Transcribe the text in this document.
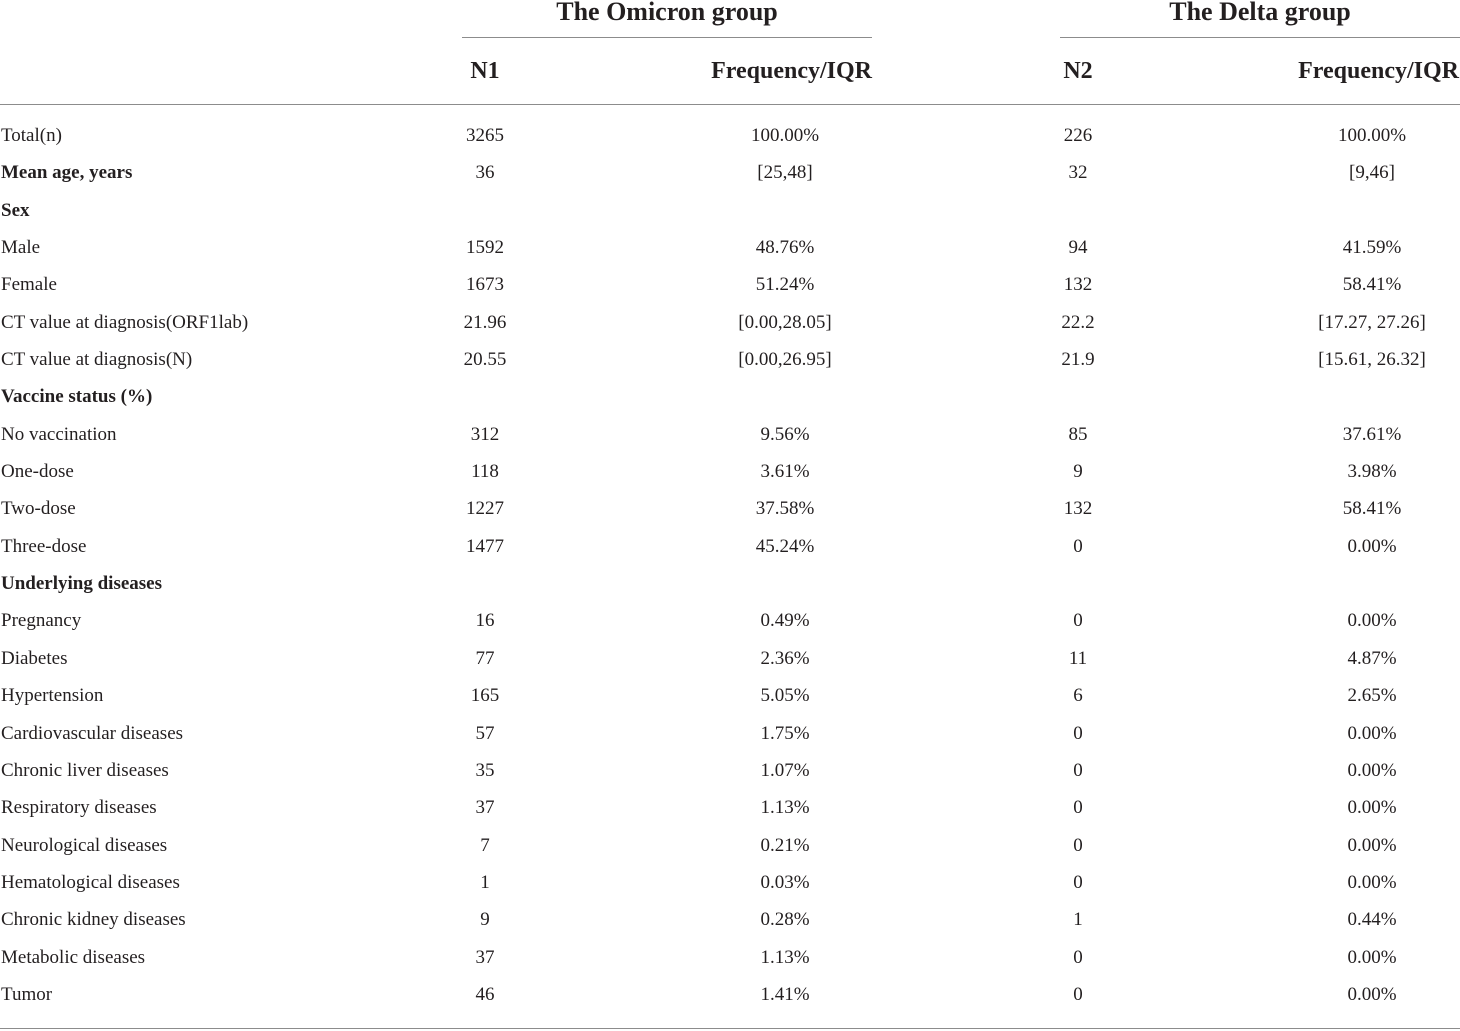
The Omicron group	The Delta group
N1	Frequency/IQR	N2	Frequency/IQR
Total(n)	3265	100.00%	226	100.00%
Mean age, years	36	[25,48]	32	[9,46]
Sex
Male	1592	48.76%	94	41.59%
Female	1673	51.24%	132	58.41%
CT value at diagnosis(ORF1lab)	21.96	[0.00,28.05]	22.2	[17.27, 27.26]
CT value at diagnosis(N)	20.55	[0.00,26.95]	21.9	[15.61, 26.32]
Vaccine status (%)
No vaccination	312	9.56%	85	37.61%
One-dose	118	3.61%	9	3.98%
Two-dose	1227	37.58%	132	58.41%
Three-dose	1477	45.24%	0	0.00%
Underlying diseases
Pregnancy	16	0.49%	0	0.00%
Diabetes	77	2.36%	11	4.87%
Hypertension	165	5.05%	6	2.65%
Cardiovascular diseases	57	1.75%	0	0.00%
Chronic liver diseases	35	1.07%	0	0.00%
Respiratory diseases	37	1.13%	0	0.00%
Neurological diseases	7	0.21%	0	0.00%
Hematological diseases	1	0.03%	0	0.00%
Chronic kidney diseases	9	0.28%	1	0.44%
Metabolic diseases	37	1.13%	0	0.00%
Tumor	46	1.41%	0	0.00%
